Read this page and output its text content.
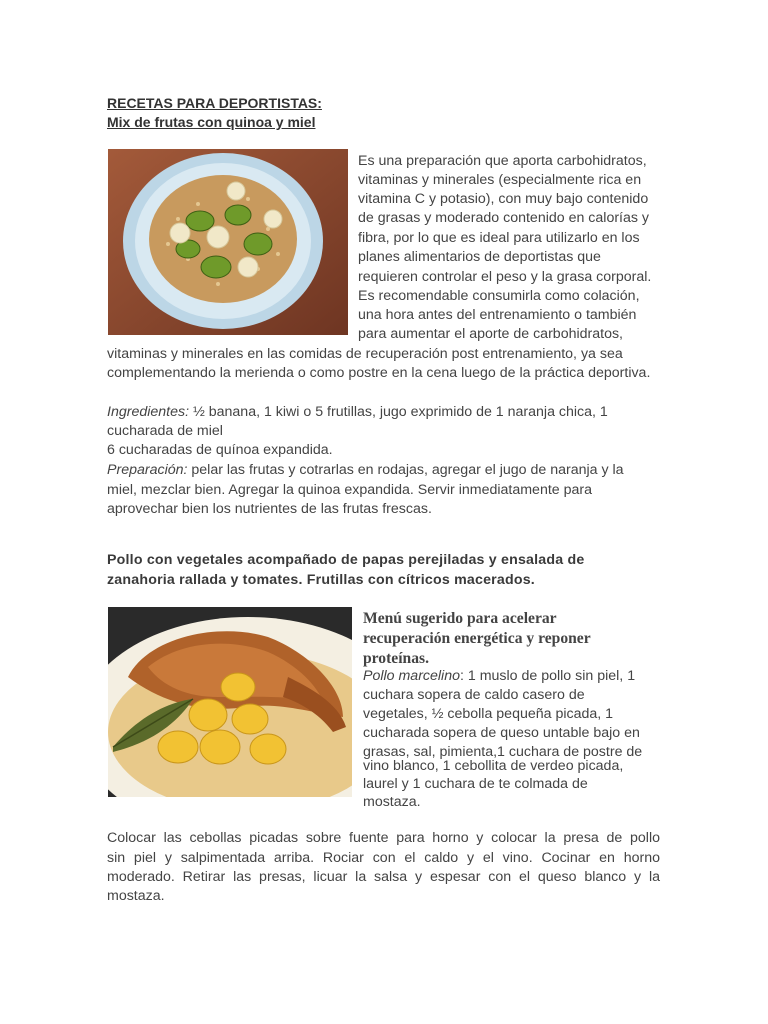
RECETAS PARA DEPORTISTAS:
Mix de frutas con quinoa y miel
Es una preparación que aporta carbohidratos,
vitaminas y minerales (especialmente rica en
vitamina C y potasio), con muy bajo contenido
de grasas y moderado contenido en calorías y
fibra, por lo que es ideal para utilizarlo en los
planes alimentarios de deportistas que
requieren controlar el peso y la grasa corporal.
Es recomendable consumirla como colación,
una hora antes del entrenamiento o también
para aumentar el aporte de carbohidratos,
vitaminas y minerales en las comidas de recuperación post entrenamiento, ya sea
complementando la merienda o como postre en la cena luego de la práctica deportiva.
Ingredientes: ½ banana, 1 kiwi o 5 frutillas, jugo exprimido de 1 naranja chica, 1
cucharada de miel
6 cucharadas de quínoa expandida.
Preparación: pelar las frutas y cotrarlas en rodajas, agregar el jugo de naranja y la
miel, mezclar bien. Agregar la quinoa expandida. Servir inmediatamente para
aprovechar bien los nutrientes de las frutas frescas.
Pollo con vegetales acompañado de papas perejiladas y ensalada de
zanahoria rallada y tomates. Frutillas con cítricos macerados.
Menú sugerido para acelerar
recuperación energética y reponer
proteínas.
Pollo marcelino: 1 muslo de pollo sin piel, 1
cuchara sopera de caldo casero de
vegetales, ½ cebolla pequeña picada, 1
cucharada sopera de queso untable bajo en
grasas, sal, pimienta,1 cuchara de postre de
vino blanco, 1 cebollita de verdeo picada,
laurel y 1 cuchara de te colmada de
mostaza.
Colocar las cebollas picadas sobre fuente para horno y colocar la presa de pollo
sin piel y salpimentada arriba. Rociar con el caldo y el vino. Cocinar en horno
moderado. Retirar las presas, licuar la salsa y espesar con el queso blanco y la
mostaza.
